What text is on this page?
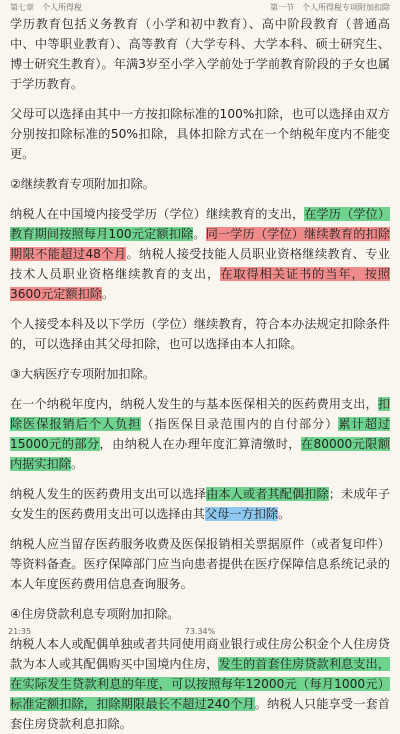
第七章　个人所得税	第一节　个人所得税专项附加扣除

学历教育包括义务教育（小学和初中教育）、高中阶段教育（普通高中、中等职业教育）、高等教育（大学专科、大学本科、硕士研究生、博士研究生教育）。年满3岁至小学入学前处于学前教育阶段的子女也属于学历教育。

父母可以选择由其中一方按扣除标准的100%扣除，也可以选择由双方分别按扣除标准的50%扣除，具体扣除方式在一个纳税年度内不能变更。

②继续教育专项附加扣除。

纳税人在中国境内接受学历（学位）继续教育的支出，在学历（学位）教育期间按照每月100元定额扣除。同一学历（学位）继续教育的扣除期限不能超过48个月。纳税人接受技能人员职业资格继续教育、专业技术人员职业资格继续教育的支出，在取得相关证书的当年，按照3600元定额扣除。

个人接受本科及以下学历（学位）继续教育，符合本办法规定扣除条件的，可以选择由其父母扣除，也可以选择由本人扣除。

③大病医疗专项附加扣除。

在一个纳税年度内，纳税人发生的与基本医保相关的医药费用支出，扣除医保报销后个人负担（指医保目录范围内的自付部分）累计超过15000元的部分，由纳税人在办理年度汇算清缴时，在80000元限额内据实扣除。

纳税人发生的医药费用支出可以选择由本人或者其配偶扣除；未成年子女发生的医药费用支出可以选择由其父母一方扣除。

纳税人应当留存医药服务收费及医保报销相关票据原件（或者复印件）等资料备查。医疗保障部门应当向患者提供在医疗保障信息系统记录的本人年度医药费用信息查询服务。

④住房贷款利息专项附加扣除。

纳税人本人或配偶单独或者共同使用商业银行或住房公积金个人住房贷款为本人或其配偶购买中国境内住房，发生的首套住房贷款利息支出，在实际发生贷款利息的年度，可以按照每年12000元（每月1000元）标准定额扣除，扣除期限最长不超过240个月。纳税人只能享受一套首套住房贷款利息扣除。

21:35	73.34%
